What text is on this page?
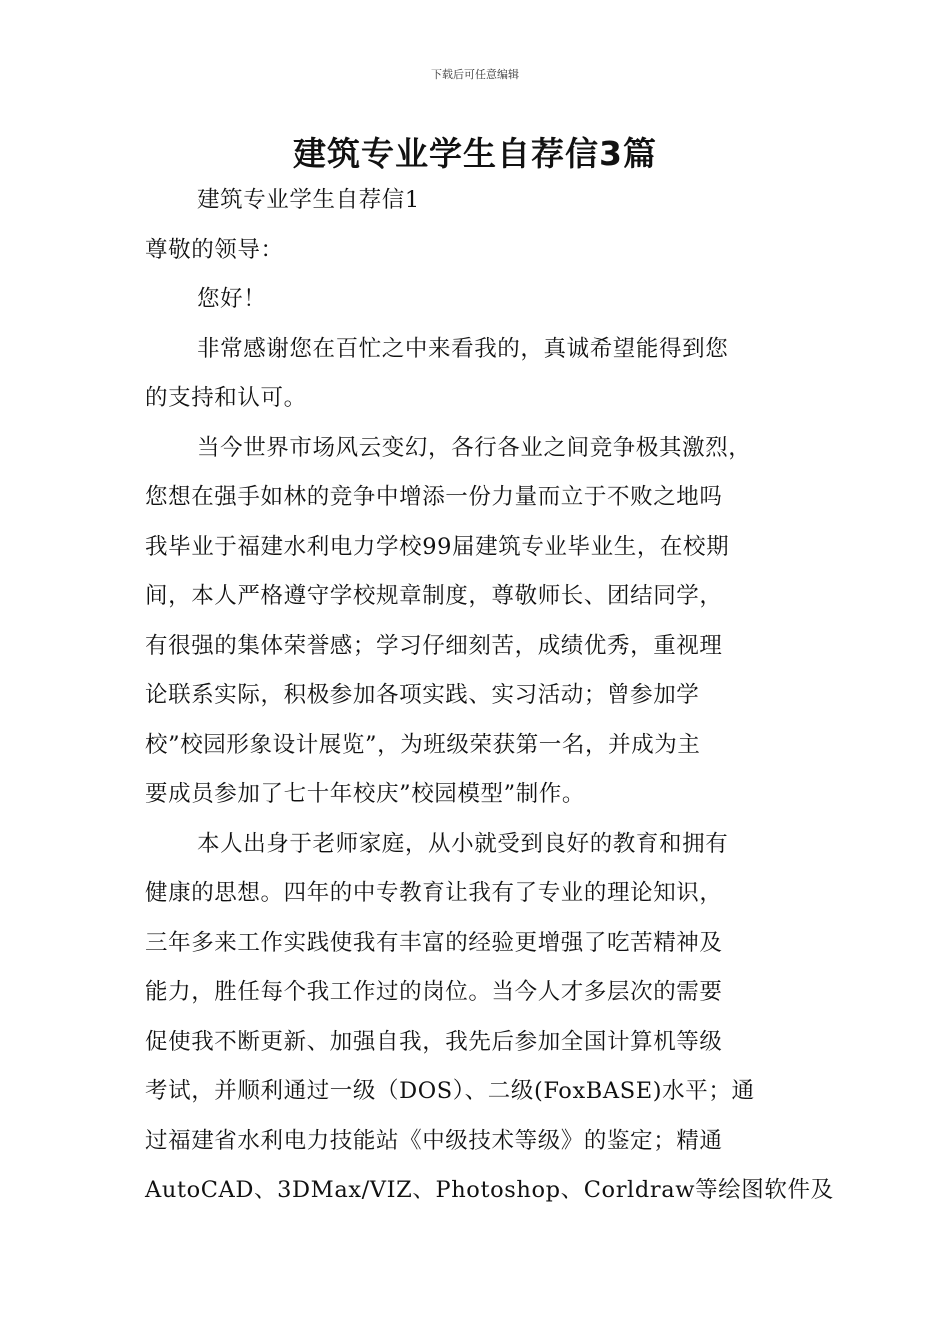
下载后可任意编辑
建筑专业学生自荐信3篇
建筑专业学生自荐信1
尊敬的领导：
您好！
非常感谢您在百忙之中来看我的，真诚希望能得到您
的支持和认可。
当今世界市场风云变幻，各行各业之间竞争极其激烈，
您想在强手如林的竞争中增添一份力量而立于不败之地吗
我毕业于福建水利电力学校99届建筑专业毕业生，在校期
间，本人严格遵守学校规章制度，尊敬师长、团结同学，
有很强的集体荣誉感；学习仔细刻苦，成绩优秀，重视理
论联系实际，积极参加各项实践、实习活动；曾参加学
校”校园形象设计展览”，为班级荣获第一名，并成为主
要成员参加了七十年校庆”校园模型”制作。
本人出身于老师家庭，从小就受到良好的教育和拥有
健康的思想。四年的中专教育让我有了专业的理论知识，
三年多来工作实践使我有丰富的经验更增强了吃苦精神及
能力，胜任每个我工作过的岗位。当今人才多层次的需要
促使我不断更新、加强自我，我先后参加全国计算机等级
考试，并顺利通过一级（DOS）、二级(FoxBASE)水平；通
过福建省水利电力技能站《中级技术等级》的鉴定；精通
AutoCAD、3DMax/VIZ、Photoshop、Corldraw等绘图软件及
